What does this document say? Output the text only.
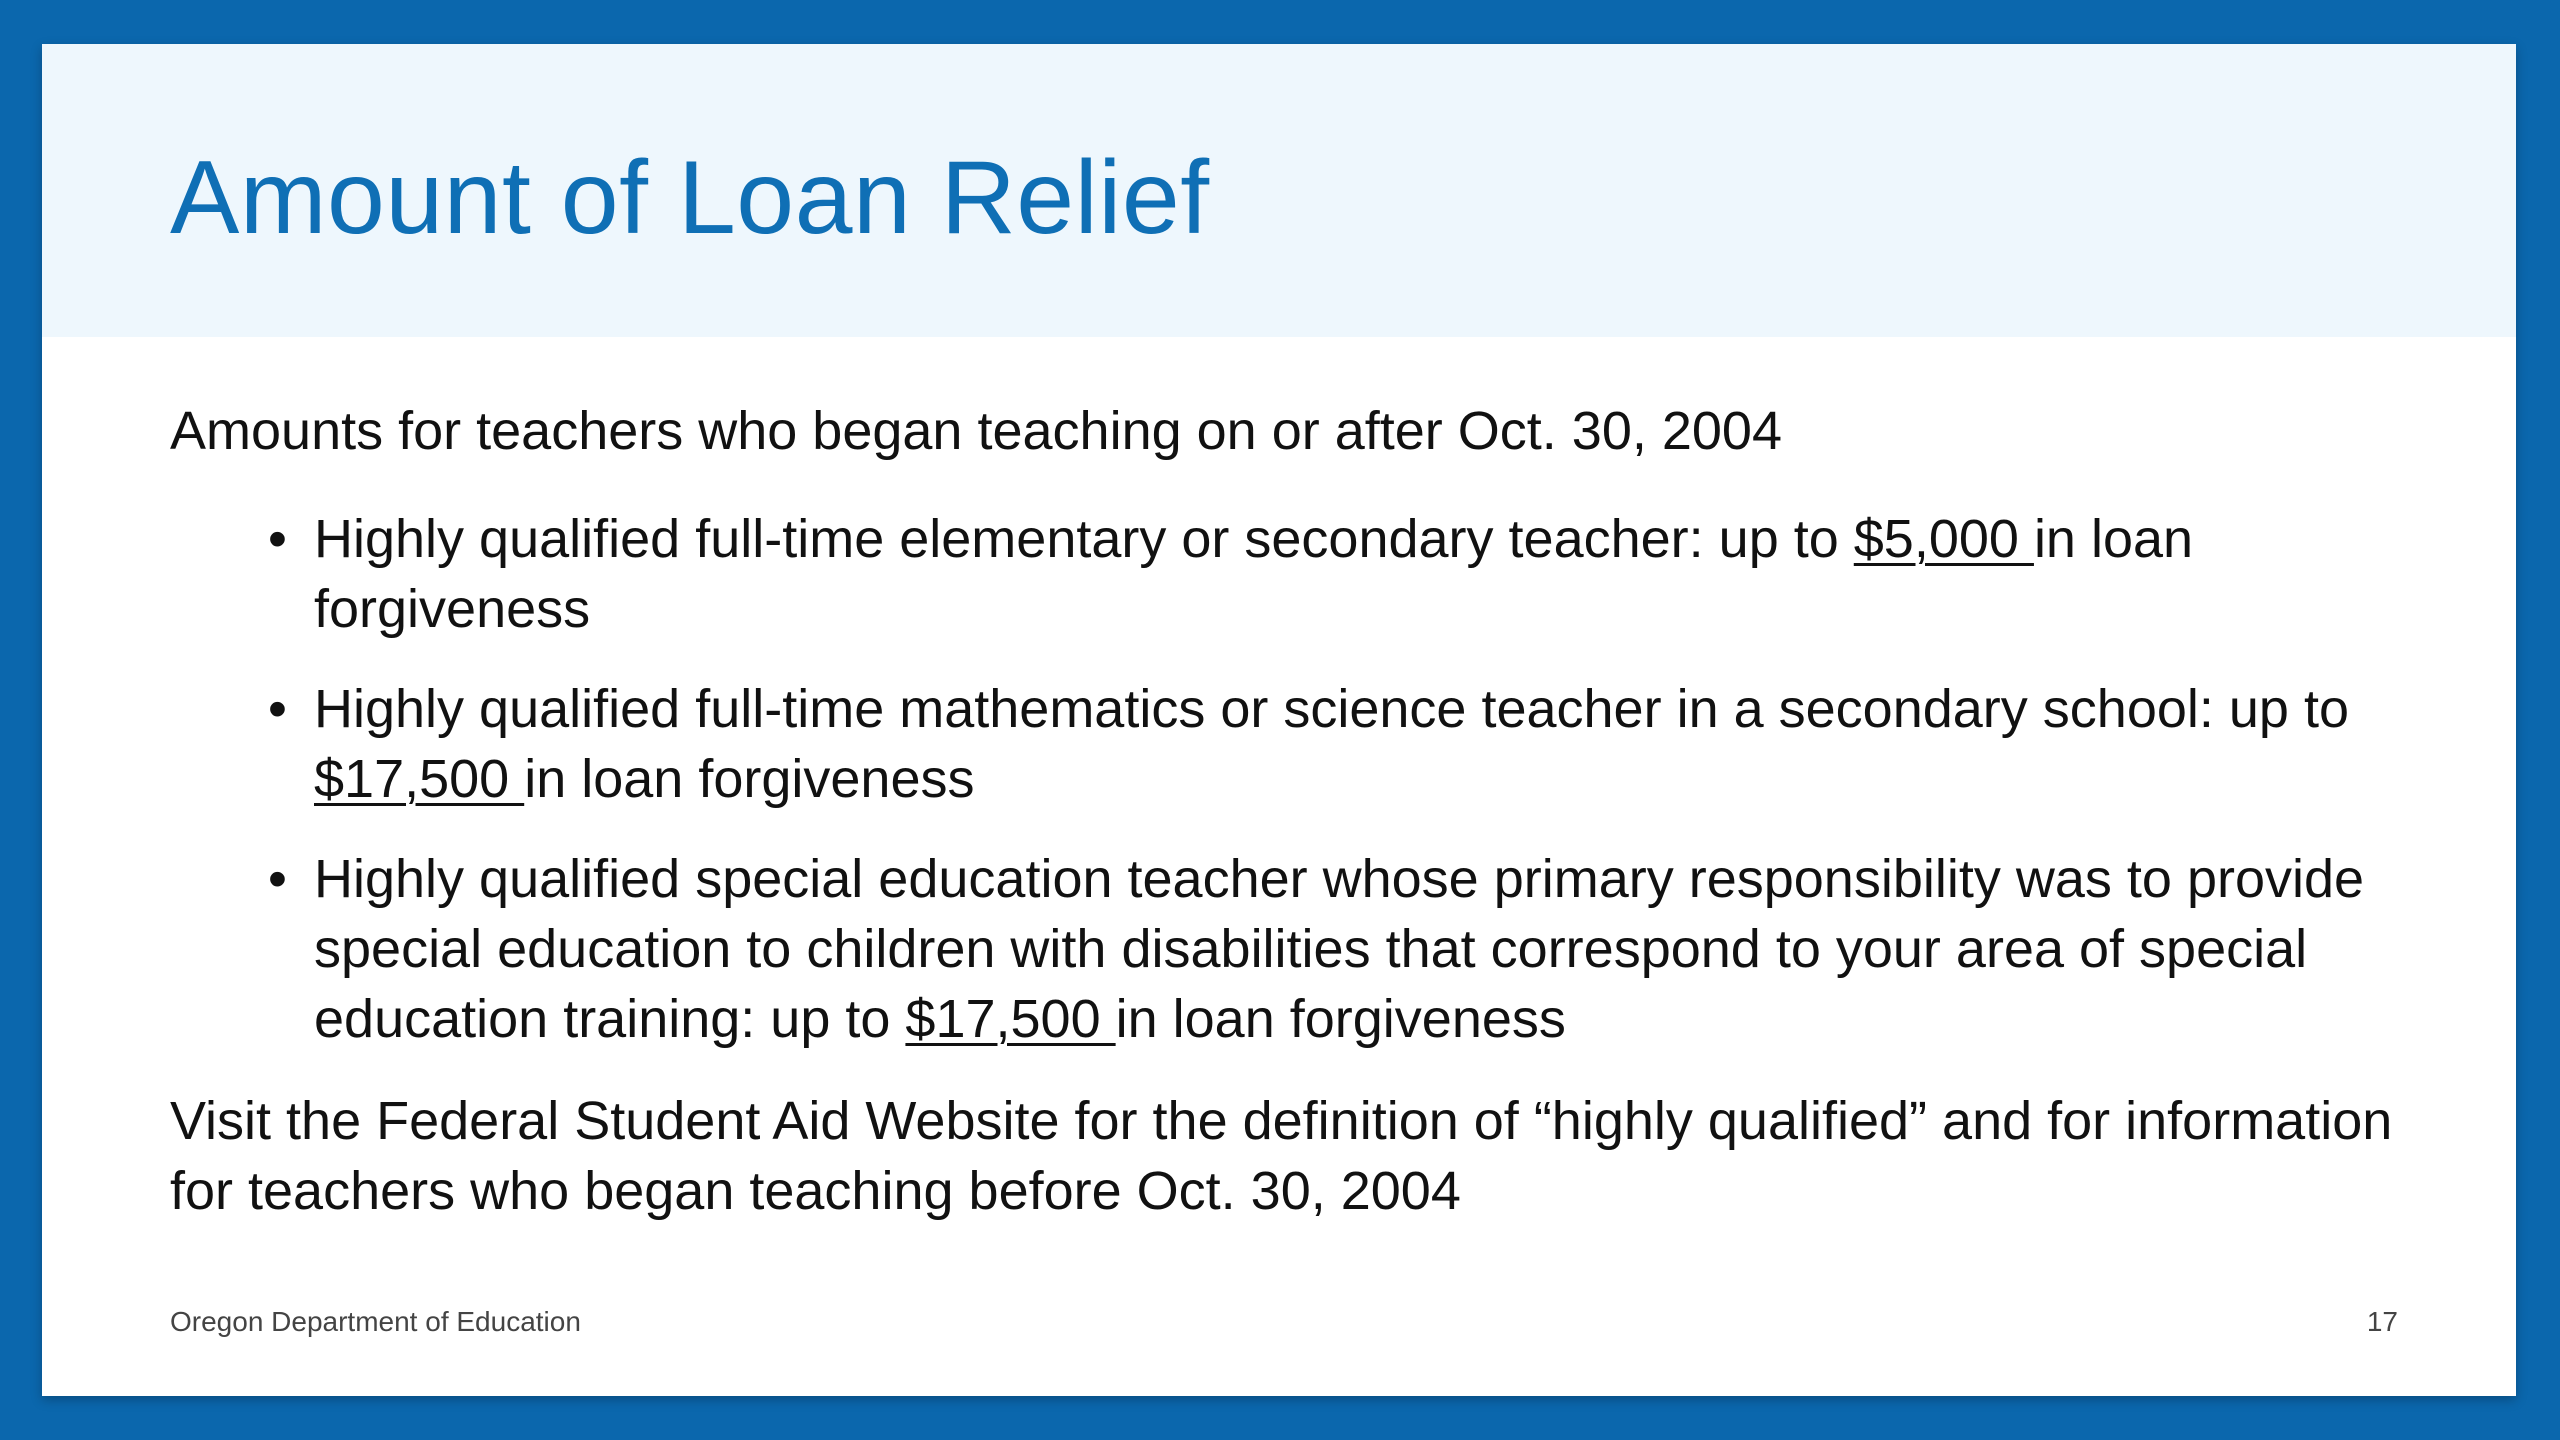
Amount of Loan Relief

Amounts for teachers who began teaching on or after Oct. 30, 2004

• Highly qualified full-time elementary or secondary teacher: up to $5,000 in loan forgiveness
• Highly qualified full-time mathematics or science teacher in a secondary school: up to $17,500 in loan forgiveness
• Highly qualified special education teacher whose primary responsibility was to provide special education to children with disabilities that correspond to your area of special education training: up to $17,500 in loan forgiveness

Visit the Federal Student Aid Website for the definition of “highly qualified” and for information for teachers who began teaching before Oct. 30, 2004

Oregon Department of Education	17
